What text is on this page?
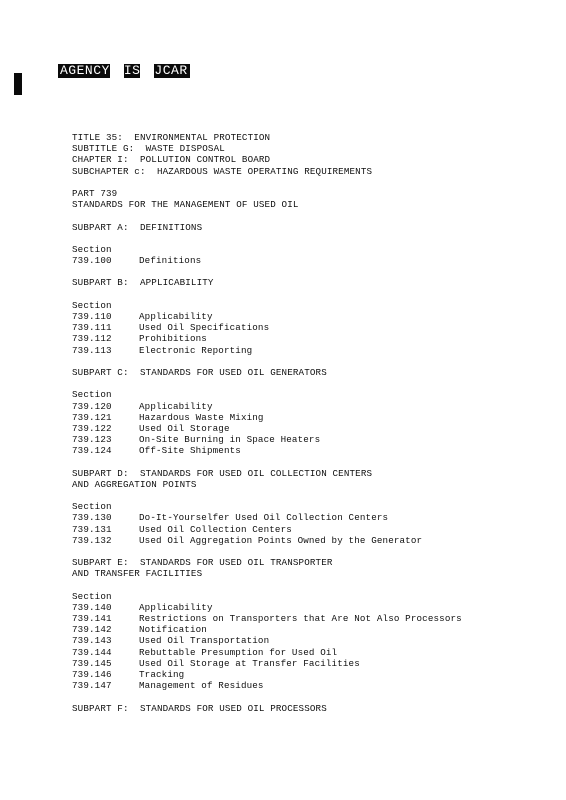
AGENCY IS JCAR
TITLE 35:  ENVIRONMENTAL PROTECTION
SUBTITLE G:  WASTE DISPOSAL
CHAPTER I:  POLLUTION CONTROL BOARD
SUBCHAPTER c:  HAZARDOUS WASTE OPERATING REQUIREMENTS
PART 739
STANDARDS FOR THE MANAGEMENT OF USED OIL
SUBPART A:  DEFINITIONS
Section
739.100	Definitions
SUBPART B:  APPLICABILITY
Section
739.110	Applicability
739.111	Used Oil Specifications
739.112	Prohibitions
739.113	Electronic Reporting
SUBPART C:  STANDARDS FOR USED OIL GENERATORS
Section
739.120	Applicability
739.121	Hazardous Waste Mixing
739.122	Used Oil Storage
739.123	On-Site Burning in Space Heaters
739.124	Off-Site Shipments
SUBPART D:  STANDARDS FOR USED OIL COLLECTION CENTERS
AND AGGREGATION POINTS
Section
739.130	Do-It-Yourselfer Used Oil Collection Centers
739.131	Used Oil Collection Centers
739.132	Used Oil Aggregation Points Owned by the Generator
SUBPART E:  STANDARDS FOR USED OIL TRANSPORTER
AND TRANSFER FACILITIES
Section
739.140	Applicability
739.141	Restrictions on Transporters that Are Not Also Processors
739.142	Notification
739.143	Used Oil Transportation
739.144	Rebuttable Presumption for Used Oil
739.145	Used Oil Storage at Transfer Facilities
739.146	Tracking
739.147	Management of Residues
SUBPART F:  STANDARDS FOR USED OIL PROCESSORS
